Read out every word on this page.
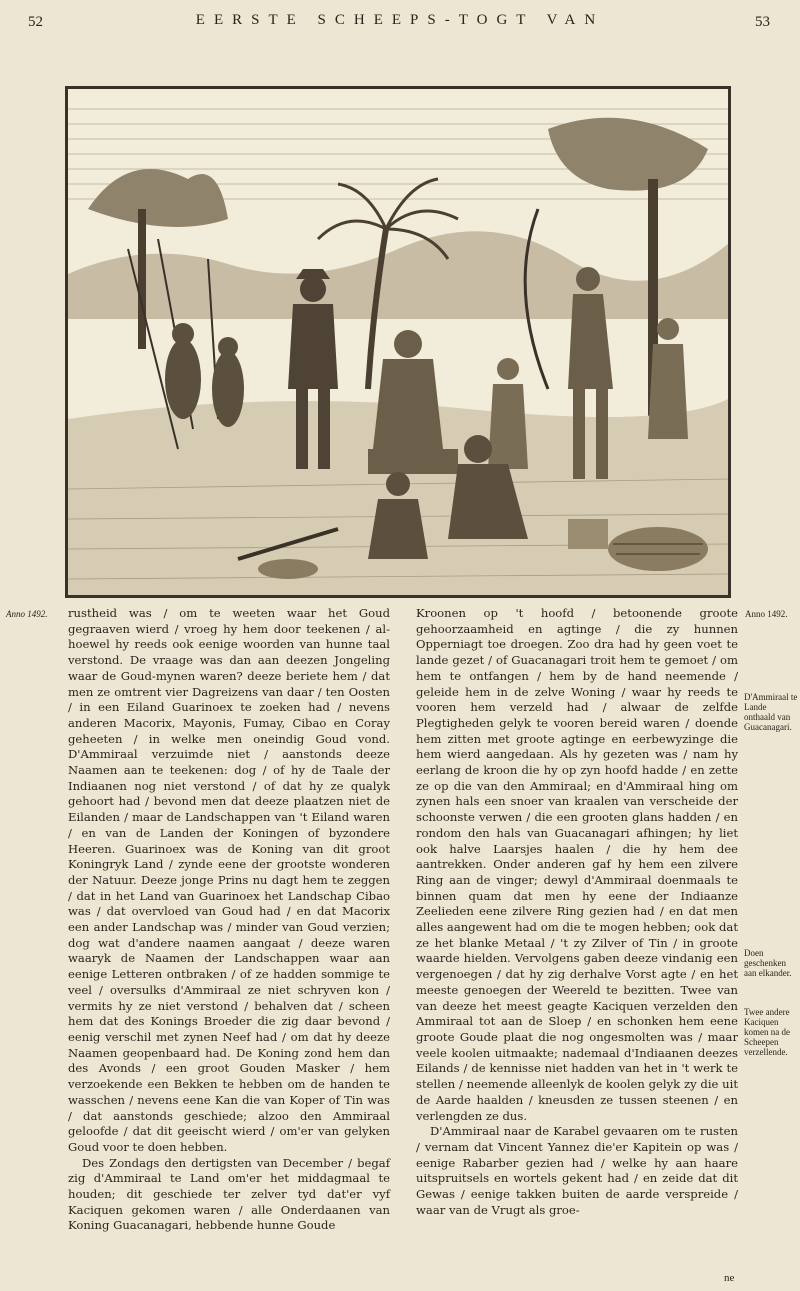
52	EERSTE SCHEEPS-TOGT VAN	53
Anno 1492.	Anno 1492.
D'Ammiraal te Lande onthaald van Guacanagari.
Doen geschenken aan elkander.
Twee andere Kaciquen komen na de Scheepen verzellende.

rustheid was / om te weeten waar het Goud gegraaven wierd / vroeg hy hem door teekenen / al-hoewel hy reeds ook eenige woorden van hunne taal verstond. De vraage was dan aan deezen Jongeling waar de Goud-mynen waren? deeze beriete hem / dat men ze omtrent vier Dagreizens van daar / ten Oosten / in een Eiland Guarinoex te zoeken had / nevens anderen Macorix, Mayonis, Fumay, Cibao en Coray geheeten / in welke men oneindig Goud vond. D'Ammiraal verzuimde niet / aanstonds deeze Naamen aan te teekenen: dog / of hy de Taale der Indiaanen nog niet verstond / of dat hy ze qualyk gehoort had / bevond men dat deeze plaatzen niet de Eilanden / maar de Landschappen van 't Eiland waren / en van de Landen der Koningen of byzondere Heeren. Guarinoex was de Koning van dit groot Koningryk Land / zynde eene der grootste wonderen der Natuur. Deeze jonge Prins nu dagt hem te zeggen / dat in het Land van Guarinoex het Landschap Cibao was / dat overvloed van Goud had / en dat Macorix een ander Landschap was / minder van Goud verzien; dog wat d'andere naamen aangaat / deeze waren waaryk de Naamen der Landschappen waar aan eenige Letteren ontbraken / of ze hadden sommige te veel / oversulks d'Ammiraal ze niet schryven kon / vermits hy ze niet verstond / behalven dat / scheen hem dat des Konings Broeder die zig daar bevond / eenig verschil met zynen Neef had / om dat hy deeze Naamen geopenbaard had. De Koning zond hem dan des Avonds / een groot Gouden Masker / hem verzoekende een Bekken te hebben om de handen te wasschen / nevens eene Kan die van Koper of Tin was / dat aanstonds geschiede; alzoo den Ammiraal geloofde / dat dit geeischt wierd / om'er van gelyken Goud voor te doen hebben.

Des Zondags den dertigsten van December / begaf zig d'Ammiraal te Land om'er het middagmaal te houden; dit geschiede ter zelver tyd dat'er vyf Kaciquen gekomen waren / alle Onderdaanen van Koning Guacanagari, hebbende hunne Goude

Kroonen op 't hoofd / betoonende groote gehoorzaamheid en agtinge / die zy hunnen Opperniagt toe droegen. Zoo dra had hy geen voet te lande gezet / of Guacanagari troit hem te gemoet / om hem te ontfangen / hem by de hand neemende / geleide hem in de zelve Woning / waar hy reeds te vooren hem verzeld had / alwaar de zelfde Plegtigheden gelyk te vooren bereid waren / doende hem zitten met groote agtinge en eerbewyzinge die hem wierd aangedaan. Als hy gezeten was / nam hy eerlang de kroon die hy op zyn hoofd hadde / en zette ze op die van den Ammiraal; en d'Ammiraal hing om zynen hals een snoer van kraalen van verscheide der schoonste verwen / die een grooten glans hadden / en rondom den hals van Guacanagari afhingen; hy liet ook halve Laarsjes haalen / die hy hem dee aantrekken. Onder anderen gaf hy hem een zilvere Ring aan de vinger; dewyl d'Ammiraal doenmaals te binnen quam dat men hy eene der Indiaanze Zeelieden eene zilvere Ring gezien had / en dat men alles aangewent had om die te mogen hebben; ook dat ze het blanke Metaal / 't zy Zilver of Tin / in groote waarde hielden. Vervolgens gaben deeze vindanig een vergenoegen / dat hy zig derhalve Vorst agte / en het meeste genoegen der Weereld te bezitten. Twee van van deeze het meest geagte Kaciquen verzelden den Ammiraal tot aan de Sloep / en schonken hem eene groote Goude plaat die nog ongesmolten was / maar veele koolen uitmaakte; nademaal d'Indiaanen deezes Eilands / de kennisse niet hadden van het in 't werk te stellen / neemende alleenlyk de koolen gelyk zy die uit de Aarde haalden / kneusden ze tussen steenen / en verlengden ze dus.

D'Ammiraal naar de Karabel gevaaren om te rusten / vernam dat Vincent Yannez die'er Kapitein op was / eenige Rabarber gezien had / welke hy aan haare uitspruitsels en wortels gekent had / en zeide dat dit Gewas / eenige takken buiten de aarde verspreide / waar van de Vrugt als groe-

ne
